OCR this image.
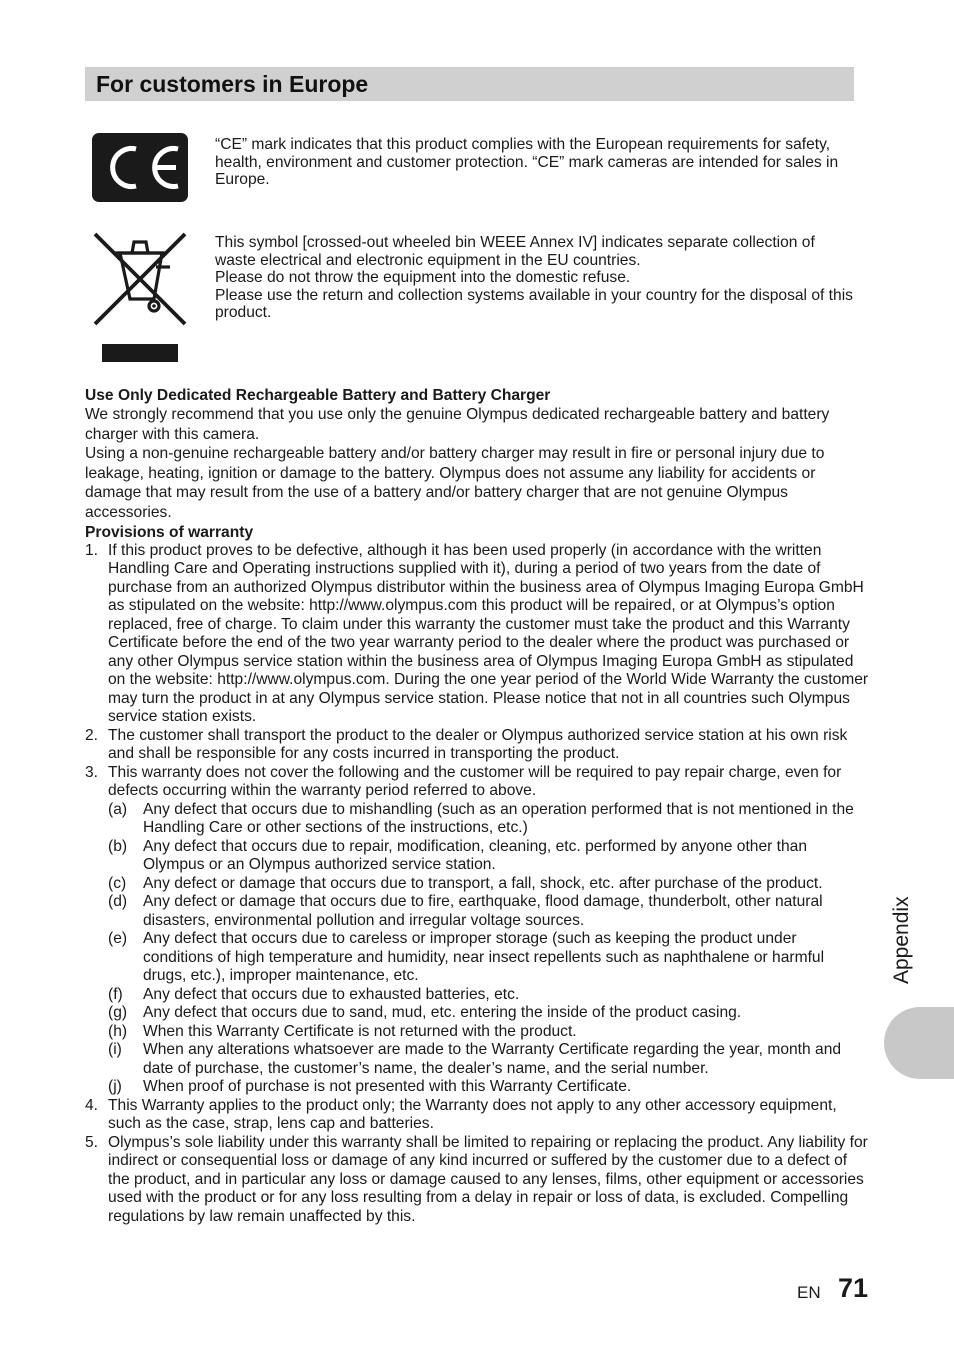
For customers in Europe

“CE” mark indicates that this product complies with the European requirements for safety, health, environment and customer protection. “CE” mark cameras are intended for sales in Europe.

This symbol [crossed-out wheeled bin WEEE Annex IV] indicates separate collection of waste electrical and electronic equipment in the EU countries.

Please do not throw the equipment into the domestic refuse.

Please use the return and collection systems available in your country for the disposal of this product.

Use Only Dedicated Rechargeable Battery and Battery Charger

We strongly recommend that you use only the genuine Olympus dedicated rechargeable battery and battery charger with this camera.

Using a non-genuine rechargeable battery and/or battery charger may result in fire or personal injury due to leakage, heating, ignition or damage to the battery. Olympus does not assume any liability for accidents or damage that may result from the use of a battery and/or battery charger that are not genuine Olympus accessories.

Provisions of warranty

1. If this product proves to be defective, although it has been used properly (in accordance with the written Handling Care and Operating instructions supplied with it), during a period of two years from the date of purchase from an authorized Olympus distributor within the business area of Olympus Imaging Europa GmbH as stipulated on the website: http://www.olympus.com this product will be repaired, or at Olympus’s option replaced, free of charge. To claim under this warranty the customer must take the product and this Warranty Certificate before the end of the two year warranty period to the dealer where the product was purchased or any other Olympus service station within the business area of Olympus Imaging Europa GmbH as stipulated on the website: http://www.olympus.com. During the one year period of the World Wide Warranty the customer may turn the product in at any Olympus service station. Please notice that not in all countries such Olympus service station exists.
2. The customer shall transport the product to the dealer or Olympus authorized service station at his own risk and shall be responsible for any costs incurred in transporting the product.
3. This warranty does not cover the following and the customer will be required to pay repair charge, even for defects occurring within the warranty period referred to above.
(a) Any defect that occurs due to mishandling (such as an operation performed that is not mentioned in the Handling Care or other sections of the instructions, etc.)
(b) Any defect that occurs due to repair, modification, cleaning, etc. performed by anyone other than Olympus or an Olympus authorized service station.
(c) Any defect or damage that occurs due to transport, a fall, shock, etc. after purchase of the product.
(d) Any defect or damage that occurs due to fire, earthquake, flood damage, thunderbolt, other natural disasters, environmental pollution and irregular voltage sources.
(e) Any defect that occurs due to careless or improper storage (such as keeping the product under conditions of high temperature and humidity, near insect repellents such as naphthalene or harmful drugs, etc.), improper maintenance, etc.
(f) Any defect that occurs due to exhausted batteries, etc.
(g) Any defect that occurs due to sand, mud, etc. entering the inside of the product casing.
(h) When this Warranty Certificate is not returned with the product.
(i) When any alterations whatsoever are made to the Warranty Certificate regarding the year, month and date of purchase, the customer’s name, the dealer’s name, and the serial number.
(j) When proof of purchase is not presented with this Warranty Certificate.
4. This Warranty applies to the product only; the Warranty does not apply to any other accessory equipment, such as the case, strap, lens cap and batteries.
5. Olympus’s sole liability under this warranty shall be limited to repairing or replacing the product. Any liability for indirect or consequential loss or damage of any kind incurred or suffered by the customer due to a defect of the product, and in particular any loss or damage caused to any lenses, films, other equipment or accessories used with the product or for any loss resulting from a delay in repair or loss of data, is excluded. Compelling regulations by law remain unaffected by this.
Appendix
EN 71
